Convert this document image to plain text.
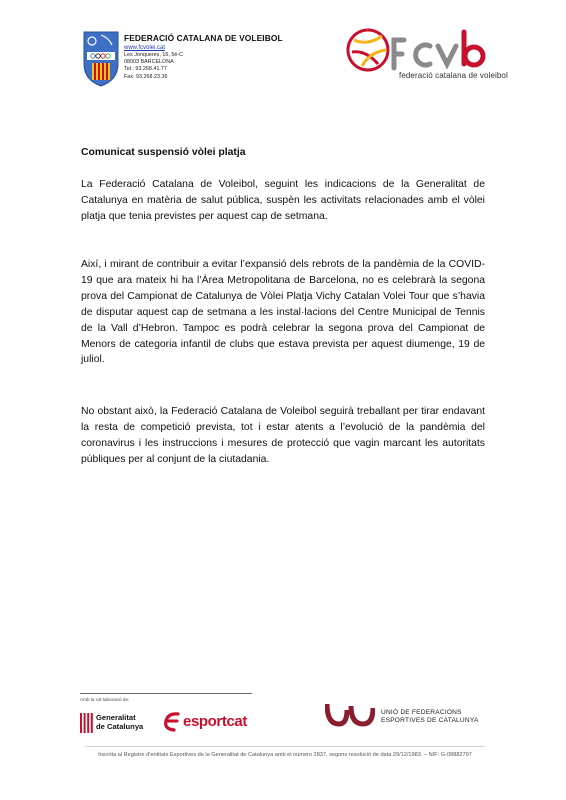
FEDERACIÓ CATALANA DE VOLEIBOL
www.fcvolei.cat
Les Jonqueres, 16, 5è-C
08003 BARCELONA
Tel.: 93.268.41.77
Fax: 93.268.23.36	federació catalana de voleibol
Comunicat suspensió vòlei platja

La Federació Catalana de Voleibol, seguint les indicacions de la Generalitat de Catalunya en matèria de salut pública, suspèn les activitats relacionades amb el vòlei platja que tenia previstes per aquest cap de setmana.

Així, i mirant de contribuir a evitar l’expansió dels rebrots de la pandèmia de la COVID-19 que ara mateix hi ha l’Àrea Metropolitana de Barcelona, no es celebrarà la segona prova del Campionat de Catalunya de Vòlei Platja Vichy Catalan Volei Tour que s’havia de disputar aquest cap de setmana a les instal·lacions del Centre Municipal de Tennis de la Vall d’Hebron. Tampoc es podrà celebrar la segona prova del Campionat de Menors de categoria infantil de clubs que estava prevista per aquest diumenge, 19 de juliol.

No obstant això, la Federació Catalana de Voleibol seguirà treballant per tirar endavant la resta de competició prevista, tot i estar atents a l’evolució de la pandèmia del coronavirus i les instruccions i mesures de protecció que vagin marcant les autoritats públiques per al conjunt de la ciutadania.

Amb la col·laboració de:
Generalitat
de Catalunya	esportcat
UNIÓ DE FEDERACIONS
ESPORTIVES DE CATALUNYA
Inscrita al Registre d’entitats Esportives de la Generalitat de Catalunya amb el número 2837, segons resolució de data 29/12/1983. – NIF: G-08882797
